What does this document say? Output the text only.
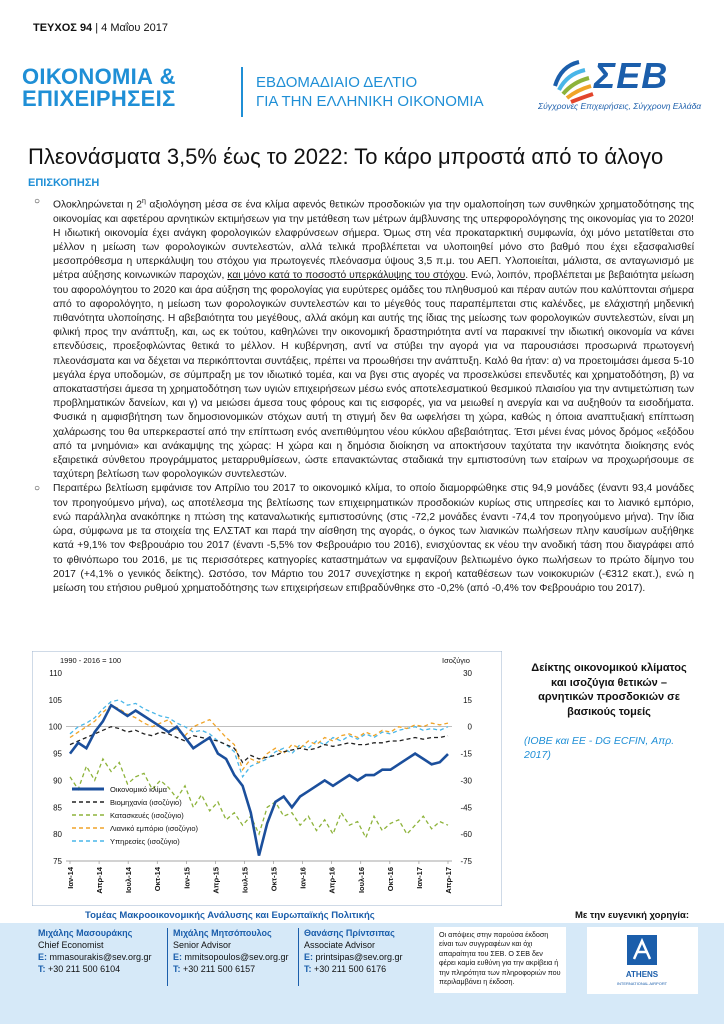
ΤΕΥΧΟΣ 94 | 4 Μαΐου 2017
ΟΙΚΟΝΟΜΙΑ &
ΕΠΙΧΕΙΡΗΣΕΙΣ
ΕΒΔΟΜΑΔΙΑΙΟ ΔΕΛΤΙΟ
ΓΙΑ ΤΗΝ ΕΛΛΗΝΙΚΗ ΟΙΚΟΝΟΜΙΑ
ΣΕΒ
Σύγχρονες Επιχειρήσεις, Σύγχρονη Ελλάδα
Πλεονάσματα 3,5% έως το 2022: Το κάρο μπροστά από το άλογο
ΕΠΙΣΚΟΠΗΣΗ
○ Ολοκληρώνεται η $2^\eta$ αξιολόγηση μέσα σε ένα κλίμα αφενός θετικών προσδοκιών για την ομαλοποίηση των συνθηκών χρηματοδότησης της οικονομίας και αφετέρου αρνητικών εκτιμήσεων για την μετάθεση των μέτρων άμβλυνσης της υπερφορολόγησης της οικονομίας για το 2020! Η ιδιωτική οικονομία έχει ανάγκη φορολογικών ελαφρύνσεων σήμερα. Όμως στη νέα προκαταρκτική συμφωνία, όχι μόνο μετατίθεται στο μέλλον η μείωση των φορολογικών συντελεστών, αλλά τελικά προβλέπεται να υλοποιηθεί μόνο στο βαθμό που έχει εξασφαλισθεί μεσοπρόθεσμα η υπερκάλυψη του στόχου για πρωτογενές πλεόνασμα ύψους 3,5 π.μ. του ΑΕΠ. Υλοποιείται, μάλιστα, σε ανταγωνισμό με μέτρα αύξησης κοινωνικών παροχών, και μόνο κατά το ποσοστό υπερκάλυψης του στόχου. Ενώ, λοιπόν, προβλέπεται με βεβαιότητα μείωση του αφορολόγητου το 2020 και άρα αύξηση της φορολογίας για ευρύτερες ομάδες του πληθυσμού και πέραν αυτών που καλύπτονται σήμερα από το αφορολόγητο, η μείωση των φορολογικών συντελεστών και το μέγεθός τους παραπέμπεται στις καλένδες, με ελάχιστηή μηδενική πιθανότητα υλοποίησης. Η αβεβαιότητα του μεγέθους, αλλά ακόμη και αυτής της ίδιας της μείωσης των φορολογικών συντελεστών, είναι μη φιλική προς την ανάπτυξη, και, ως εκ τούτου, καθηλώνει την οικονομική δραστηριότητα αντί να παρακινεί την ιδιωτική οικονομία να κάνει επενδύσεις, προεξοφλώντας θετικά το μέλλον. Η κυβέρνηση, αντί να στύβει την αγορά για να παρουσιάσει προσωρινά πρωτογενή πλεονάσματα και να δέχεται να περικόπτονται συντάξεις, πρέπει να προωθήσει την ανάπτυξη. Καλό θα ήταν: α) να προετοιμάσει άμεσα 5-10 μεγάλα έργα υποδομών, σε σύμπραξη με τον ιδιωτικό τομέα, και να βγει στις αγορές να προσελκύσει επενδυτές και χρηματοδότηση, β) να αποκαταστήσει άμεσα τη χρηματοδότηση των υγιών επιχειρήσεων μέσω ενός αποτελεσματικού θεσμικού πλαισίου για την αντιμετώπιση των προβληματικών δανείων, και γ) να μειώσει άμεσα τους φόρους και τις εισφορές, για να μειωθεί η ανεργία και να αυξηθούν τα εισοδήματα. Φυσικά η αμφισβήτηση των δημοσιονομικών στόχων αυτή τη στιγμή δεν θα ωφελήσει τη χώρα, καθώς η όποια αναπτυξιακή επίπτωση χαλάρωσης του θα υπερκεραστεί από την επίπτωση ενός ανεπιθύμητου νέου κύκλου αβεβαιότητας. Έτσι μένει ένας μόνος δρόμος «εξόδου από τα μνημόνια» και ανάκαμψης της χώρας: Η χώρα και η δημόσια διοίκηση να αποκτήσουν ταχύτατα την ικανότητα διοίκησης ενός εξαιρετικά σύνθετου προγράμματος μεταρρυθμίσεων, ώστε επανακτώντας σταδιακά την εμπιστοσύνη των εταίρων να προχωρήσουμε σε ταχύτερη βελτίωση των φορολογικών συντελεστών.
○ Περαιτέρω βελτίωση εμφάνισε τον Απρίλιο του 2017 το οικονομικό κλίμα, το οποίο διαμορφώθηκε στις 94,9 μονάδες (έναντι 93,4 μονάδες τον προηγούμενο μήνα), ως αποτέλεσμα της βελτίωσης των επιχειρηματικών προσδοκιών κυρίως στις υπηρεσίες και το λιανικό εμπόριο, ενώ παράλληλα ανακόπηκε η πτώση της καταναλωτικής εμπιστοσύνης (στις -72,2 μονάδες έναντι -74,4 τον προηγούμενο μήνα). Την ίδια ώρα, σύμφωνα με τα στοιχεία της ΕΛΣΤΑΤ και παρά την αίσθηση της αγοράς, ο όγκος των λιανικών πωλήσεων πλην καυσίμων αυξήθηκε κατά +9,1% τον Φεβρουάριο του 2017 (έναντι -5,5% τον Φεβρουάριο του 2016), ενισχύοντας εκ νέου την ανοδική τάση που διαγράφει από το φθινόπωρο του 2016, με τις περισσότερες κατηγορίες καταστημάτων να εμφανίζουν βελτιωμένο όγκο πωλήσεων το πρώτο δίμηνο του 2017 (+4,1% ο γενικός δείκτης). Ωστόσο, τον Μάρτιο του 2017 συνεχίστηκε η εκροή καταθέσεων των νοικοκυριών (-€312 εκατ.), ενώ η μείωση του ετήσιου ρυθμού χρηματοδότησης των επιχειρήσεων επιβραδύνθηκε στο -0,2% (από -0,4% τον Φεβρουάριο του 2017).
1990 - 2016 = 100	Ισοζύγιο
110
105
100
95
90
85
80
75
30
15
0
-15
-30
-45
-60
-75
Ιαν-14	Απρ-14	Ιουλ-14	Οκτ-14	Ιαν-15	Απρ-15	Ιουλ-15	Οκτ-15	Ιαν-16	Απρ-16	Ιουλ-16	Οκτ-16	Ιαν-17	Απρ-17
Οικονομικό κλίμα
Βιομηχανία (ισοζύγιο)
Κατασκευές (ισοζύγιο)
Λιανικό εμπόριο (ισοζύγιο)
Υπηρεσίες (ισοζύγιο)
Δείκτης οικονομικού κλίματος και ισοζύγια θετικών – αρνητικών προσδοκιών σε βασικούς τομείς
(ΙΟΒΕ και ΕΕ - DG ECFIN, Απρ. 2017)
Τομέας Μακροοικονομικής Ανάλυσης και Ευρωπαϊκής Πολιτικής	Με την ευγενική χορηγία:
Μιχάλης Μασουράκης
Chief Economist
E: mmasourakis@sev.org.gr
T: +30 211 500 6104
Μιχάλης Μητσόπουλος
Senior Advisor
E: mmitsopoulos@sev.org.gr
T: +30 211 500 6157
Θανάσης Πρίντσιπας
Associate Advisor
E: printsipas@sev.org.gr
T: +30 211 500 6176
Οι απόψεις στην παρούσα έκδοση είναι των συγγραφέων και όχι απαραίτητα του ΣΕΒ. Ο ΣΕΒ δεν φέρει καμία ευθύνη για την ακρίβεια ή την πληρότητα των πληροφοριών που περιλαμβάνει η έκδοση.
ATHENS
INTERNATIONAL AIRPORT
